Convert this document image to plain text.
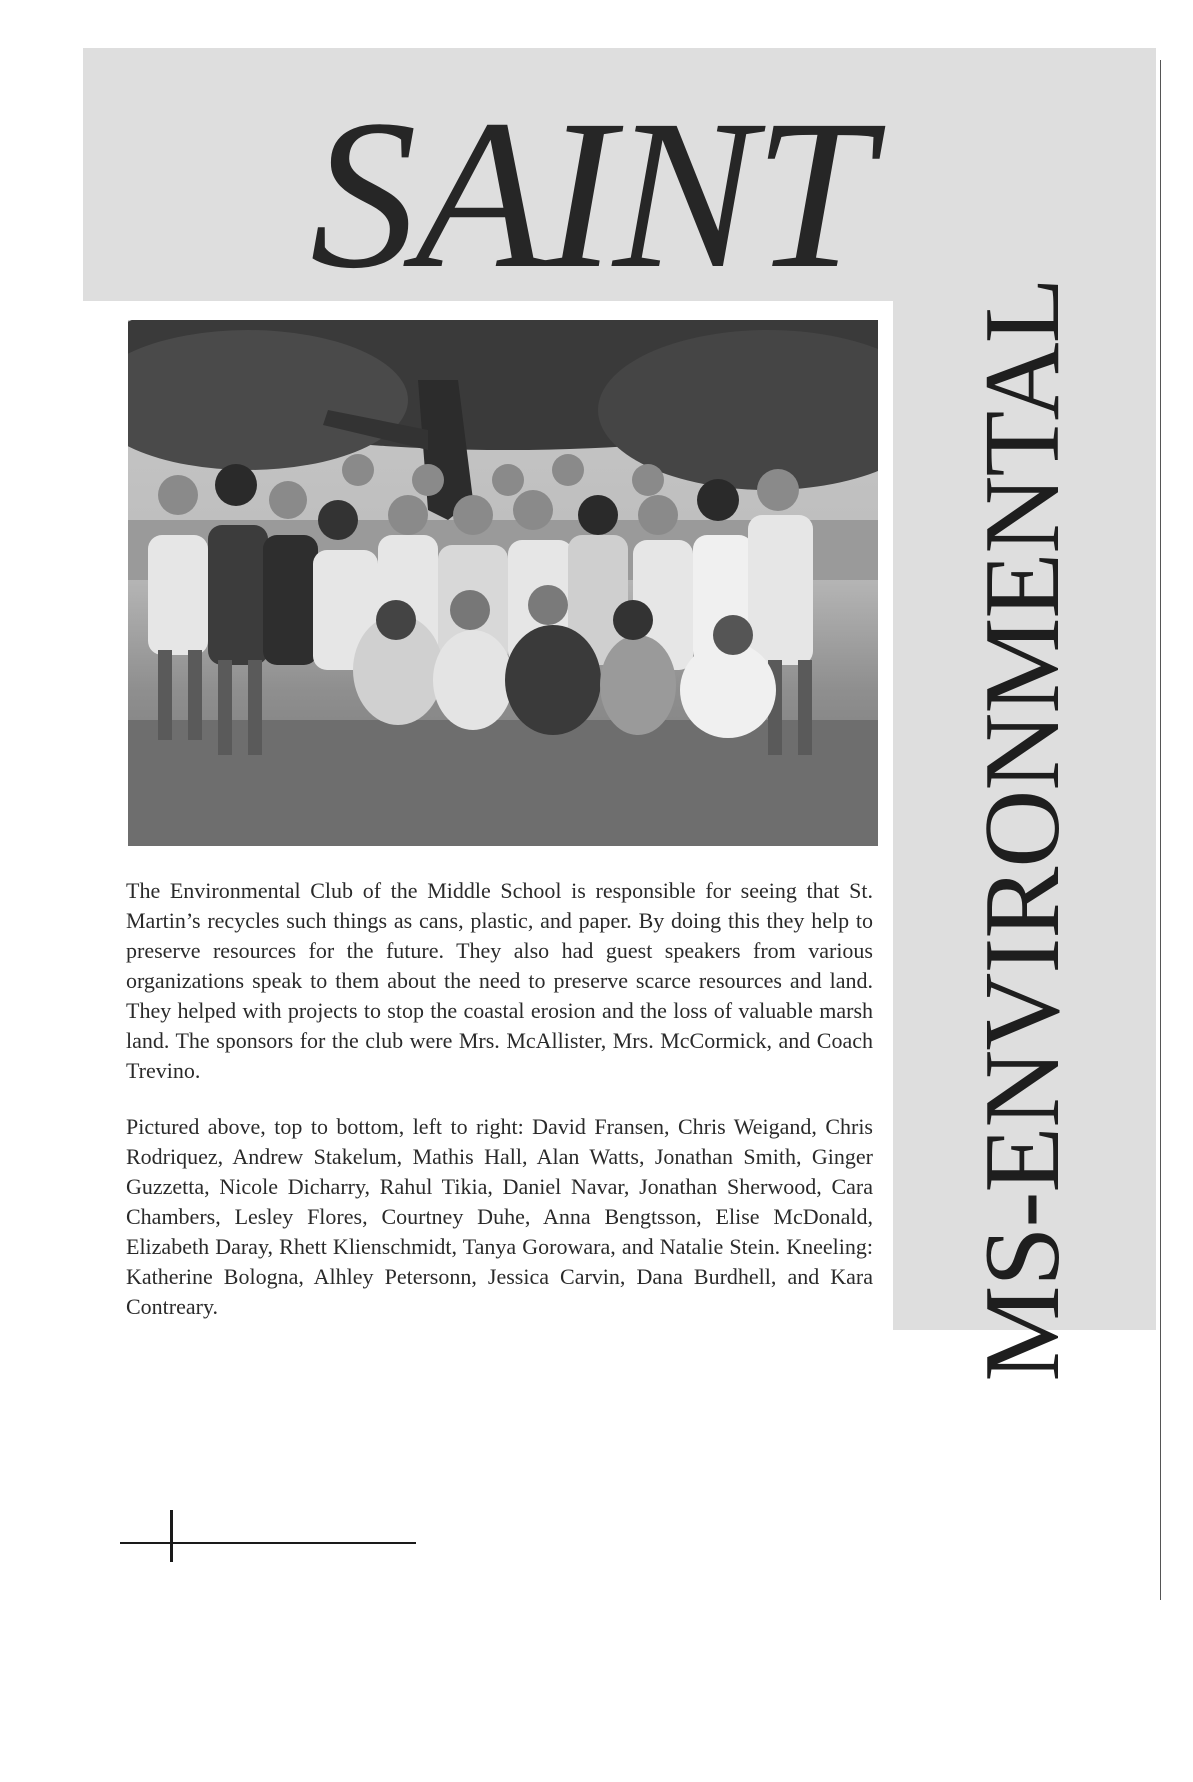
SAINT
MS-ENVIRONMENTAL

The Environmental Club of the Middle School is responsible for seeing that St. Martin’s recycles such things as cans, plastic, and paper. By doing this they help to preserve resources for the future. They also had guest speakers from various organizations speak to them about the need to preserve scarce resources and land. They helped with projects to stop the coastal erosion and the loss of valuable marsh land. The sponsors for the club were Mrs. McAllister, Mrs. McCormick, and Coach Trevino.

Pictured above, top to bottom, left to right: David Fransen, Chris Weigand, Chris Rodriquez, Andrew Stakelum, Mathis Hall, Alan Watts, Jonathan Smith, Ginger Guzzetta, Nicole Dicharry, Rahul Tikia, Daniel Navar, Jonathan Sherwood, Cara Chambers, Lesley Flores, Courtney Duhe, Anna Bengtsson, Elise McDonald, Elizabeth Daray, Rhett Klienschmidt, Tanya Gorowara, and Natalie Stein. Kneeling: Katherine Bologna, Alhley Petersonn, Jessica Carvin, Dana Burdhell, and Kara Contreary.
